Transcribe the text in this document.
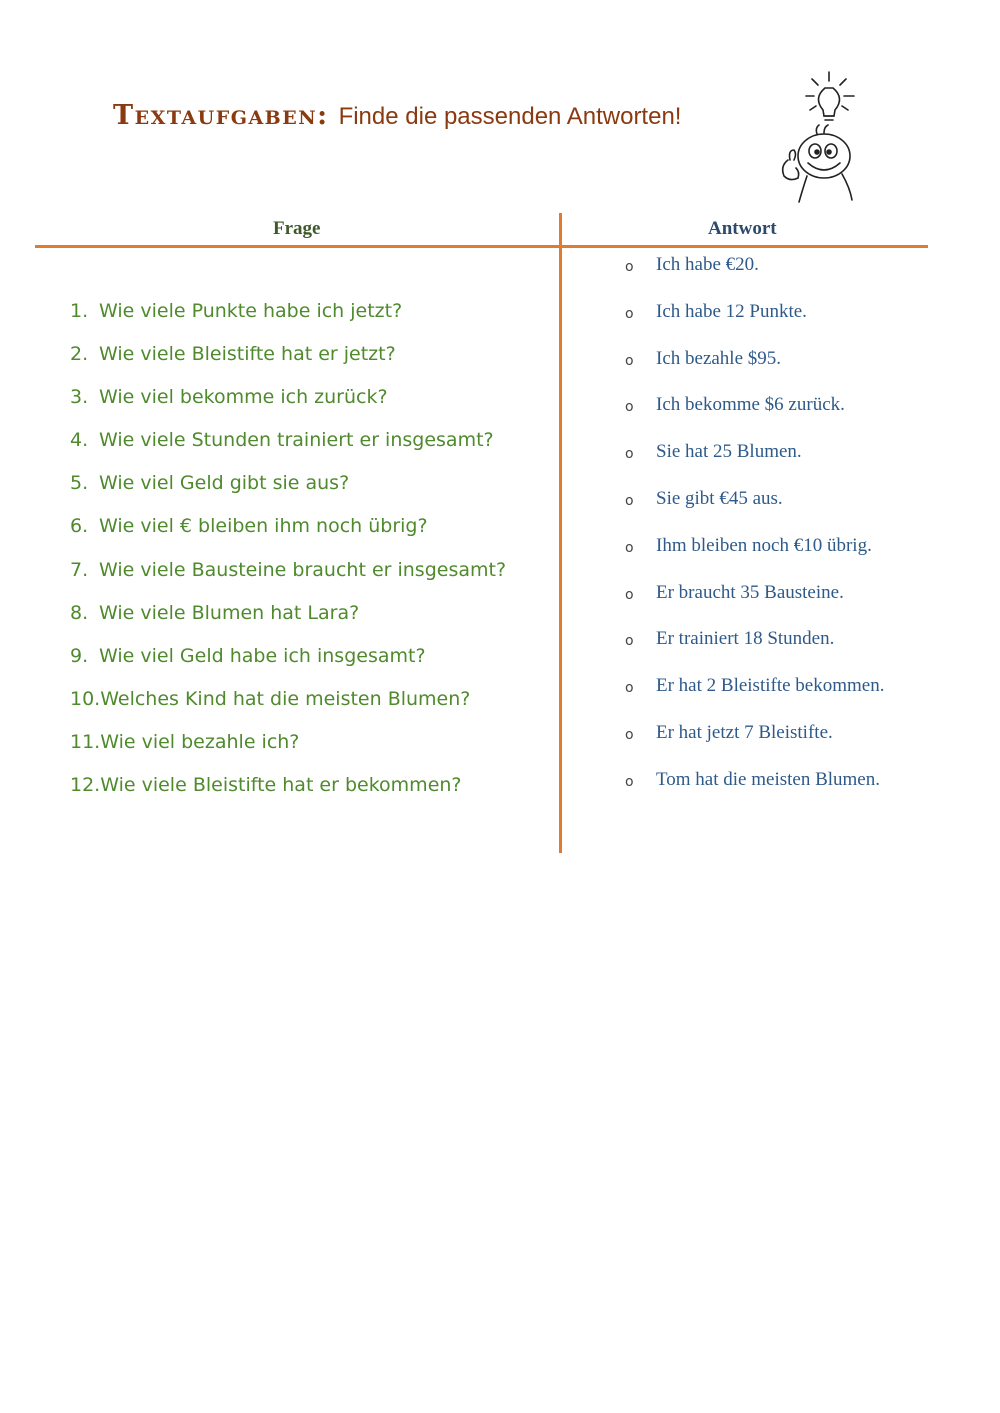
Textaufgaben: Finde die passenden Antworten!
Frage	Antwort
1. Wie viele Punkte habe ich jetzt?
2. Wie viele Bleistifte hat er jetzt?
3. Wie viel bekomme ich zurück?
4. Wie viele Stunden trainiert er insgesamt?
5. Wie viel Geld gibt sie aus?
6. Wie viel € bleiben ihm noch übrig?
7. Wie viele Bausteine braucht er insgesamt?
8. Wie viele Blumen hat Lara?
9. Wie viel Geld habe ich insgesamt?
10.Welches Kind hat die meisten Blumen?
11.Wie viel bezahle ich?
12.Wie viele Bleistifte hat er bekommen?
o Ich habe €20.
o Ich habe 12 Punkte.
o Ich bezahle $95.
o Ich bekomme $6 zurück.
o Sie hat 25 Blumen.
o Sie gibt €45 aus.
o Ihm bleiben noch €10 übrig.
o Er braucht 35 Bausteine.
o Er trainiert 18 Stunden.
o Er hat 2 Bleistifte bekommen.
o Er hat jetzt 7 Bleistifte.
o Tom hat die meisten Blumen.
